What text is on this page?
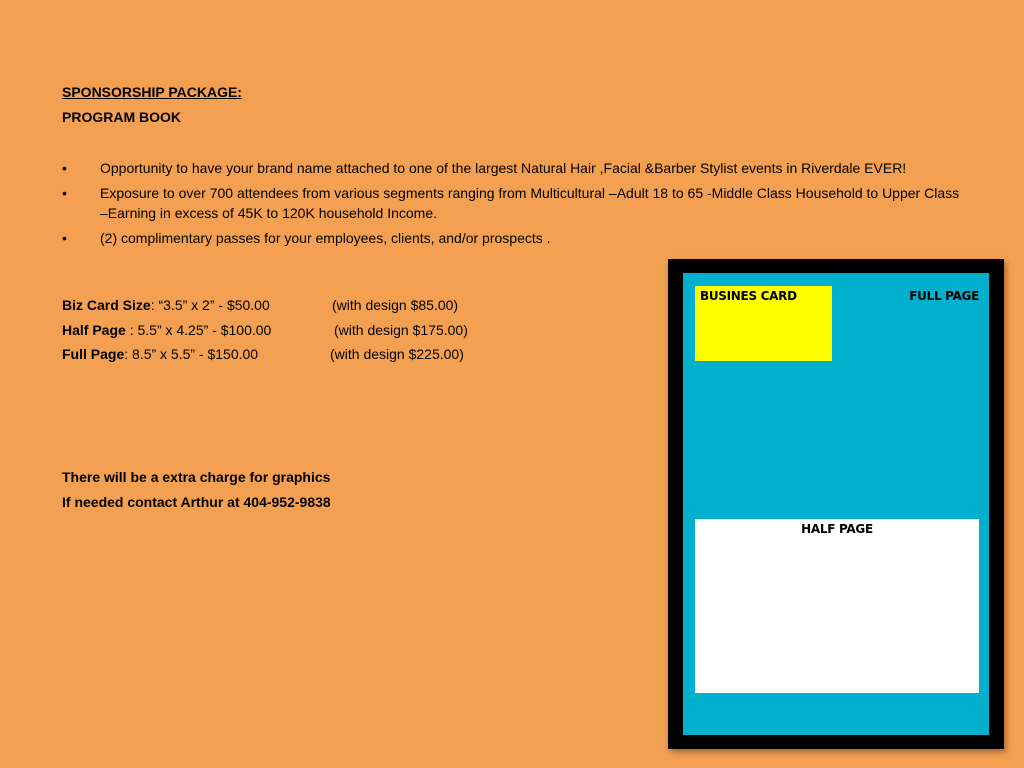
SPONSORSHIP PACKAGE:
PROGRAM BOOK
• Opportunity to have your brand name attached to one of the largest Natural Hair ,Facial &Barber Stylist events in Riverdale EVER!
• Exposure to over 700 attendees from various segments ranging from Multicultural –Adult 18 to 65 -Middle Class Household to Upper Class –Earning in excess of 45K to 120K household Income.
• (2) complimentary passes for your employees, clients, and/or prospects .
Biz Card Size: “3.5” x 2” - $50.00	(with design $85.00)
Half Page : 5.5” x 4.25” - $100.00	(with design $175.00)
Full Page: 8.5” x 5.5” - $150.00	(with design $225.00)
There will be a extra charge for graphics
If needed contact Arthur at 404-952-9838
BUSINES CARD	FULL PAGE
HALF PAGE
